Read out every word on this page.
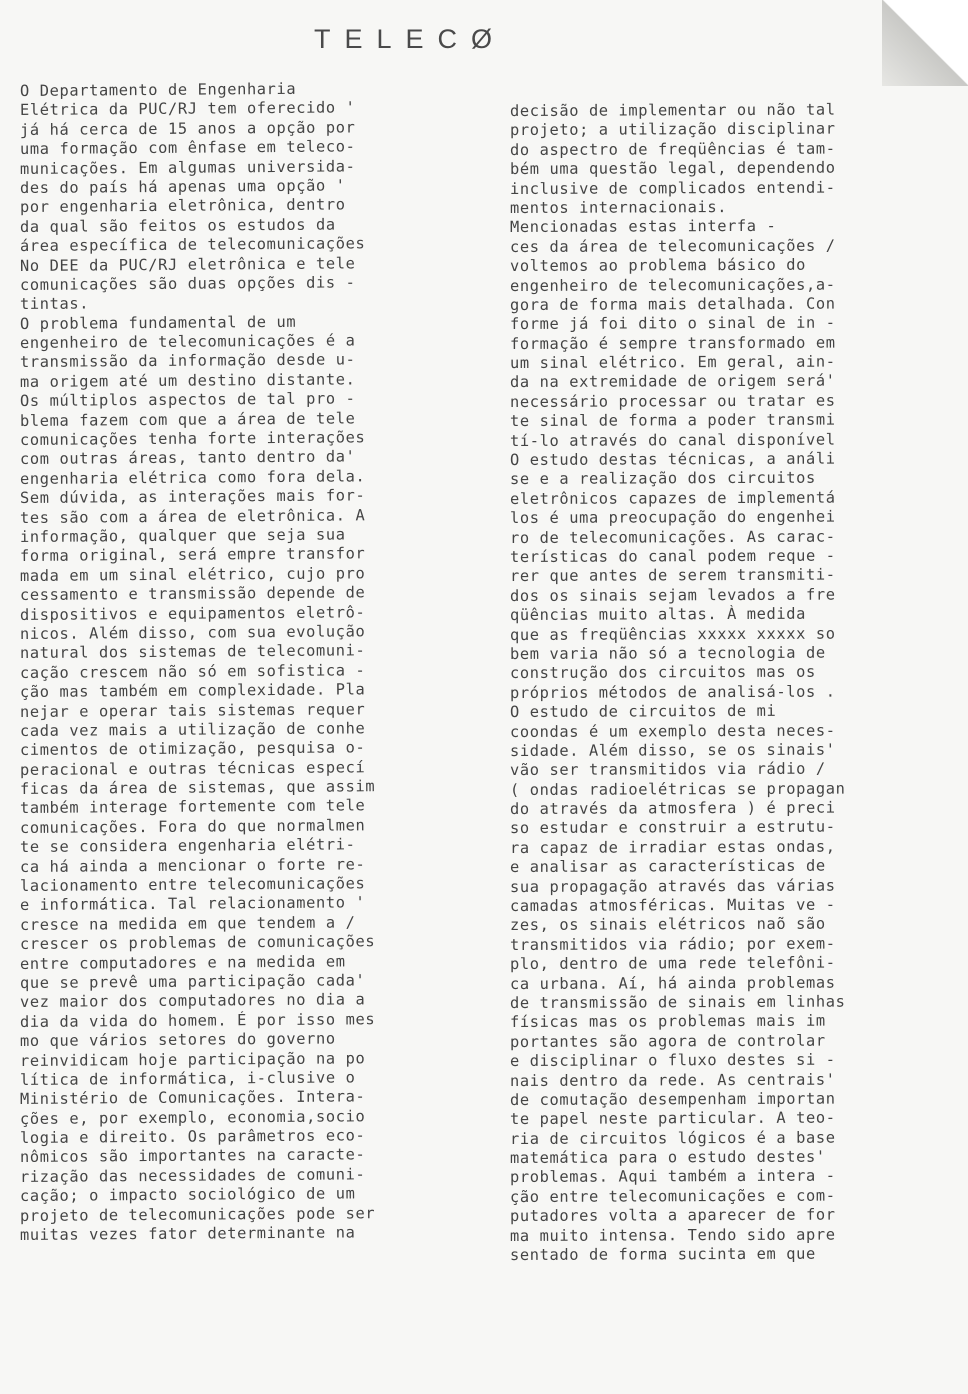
TELECØ
O Departamento de Engenharia
Elétrica da PUC/RJ tem oferecido '
já há cerca de 15 anos a opção por
uma formação com ênfase em teleco-
municações. Em algumas universida-
des do país há apenas uma opção '
por engenharia eletrônica, dentro
da qual são feitos os estudos da
área específica de telecomunicações
No DEE da PUC/RJ eletrônica e tele
comunicações são duas opções dis -
tintas.
O problema fundamental de um
engenheiro de telecomunicações é a
transmissão da informação desde u-
ma origem até um destino distante.
Os múltiplos aspectos de tal pro -
blema fazem com que a área de tele
comunicações tenha forte interações
com outras áreas, tanto dentro da'
engenharia elétrica como fora dela.
Sem dúvida, as interações mais for-
tes são com a área de eletrônica. A
informação, qualquer que seja sua
forma original, será empre transfor
mada em um sinal elétrico, cujo pro
cessamento e transmissão depende de
dispositivos e equipamentos eletrô-
nicos. Além disso, com sua evolução
natural dos sistemas de telecomuni-
cação crescem não só em sofistica -
ção mas também em complexidade. Pla
nejar e operar tais sistemas requer
cada vez mais a utilização de conhe
cimentos de otimização, pesquisa o-
peracional e outras técnicas especí
ficas da área de sistemas, que assim
também interage fortemente com tele
comunicações. Fora do que normalmen
te se considera engenharia elétri-
ca há ainda a mencionar o forte re-
lacionamento entre telecomunicações
e informática. Tal relacionamento '
cresce na medida em que tendem a /
crescer os problemas de comunicações
entre computadores e na medida em
que se prevê uma participação cada'
vez maior dos computadores no dia a
dia da vida do homem. É por isso mes
mo que vários setores do governo
reinvidicam hoje participação na po
lítica de informática, i-clusive o
Ministério de Comunicações. Intera-
ções e, por exemplo, economia,socio
logia e direito. Os parâmetros eco-
nômicos são importantes na caracte-
rização das necessidades de comuni-
cação; o impacto sociológico de um
projeto de telecomunicações pode ser
muitas vezes fator determinante na
decisão de implementar ou não tal
projeto; a utilização disciplinar
do aspectro de freqüências é tam-
bém uma questão legal, dependendo
inclusive de complicados entendi-
mentos internacionais.
Mencionadas estas interfa -
ces da área de telecomunicações /
voltemos ao problema básico do
engenheiro de telecomunicações,a-
gora de forma mais detalhada. Con
forme já foi dito o sinal de in -
formação é sempre transformado em
um sinal elétrico. Em geral, ain-
da na extremidade de origem será'
necessário processar ou tratar es
te sinal de forma a poder transmi
tí-lo através do canal disponível
O estudo destas técnicas, a análi
se e a realização dos circuitos
eletrônicos capazes de implementá
los é uma preocupação do engenhei
ro de telecomunicações. As carac-
terísticas do canal podem reque -
rer que antes de serem transmiti-
dos os sinais sejam levados a fre
qüências muito altas. À medida
que as freqüências xxxxx xxxxx so
bem varia não só a tecnologia de
construção dos circuitos mas os
próprios métodos de analisá-los .
O estudo de circuitos de mi
coondas é um exemplo desta neces-
sidade. Além disso, se os sinais'
vão ser transmitidos via rádio /
( ondas radioelétricas se propagan
do através da atmosfera ) é preci
so estudar e construir a estrutu-
ra capaz de irradiar estas ondas,
e analisar as características de
sua propagação através das várias
camadas atmosféricas. Muitas ve -
zes, os sinais elétricos naõ são
transmitidos via rádio; por exem-
plo, dentro de uma rede telefôni-
ca urbana. Aí, há ainda problemas
de transmissão de sinais em linhas
físicas mas os problemas mais im
portantes são agora de controlar
e disciplinar o fluxo destes si -
nais dentro da rede. As centrais'
de comutação desempenham importan
te papel neste particular. A teo-
ria de circuitos lógicos é a base
matemática para o estudo destes'
problemas. Aqui também a intera -
ção entre telecomunicações e com-
putadores volta a aparecer de for
ma muito intensa. Tendo sido apre
sentado de forma sucinta em que
